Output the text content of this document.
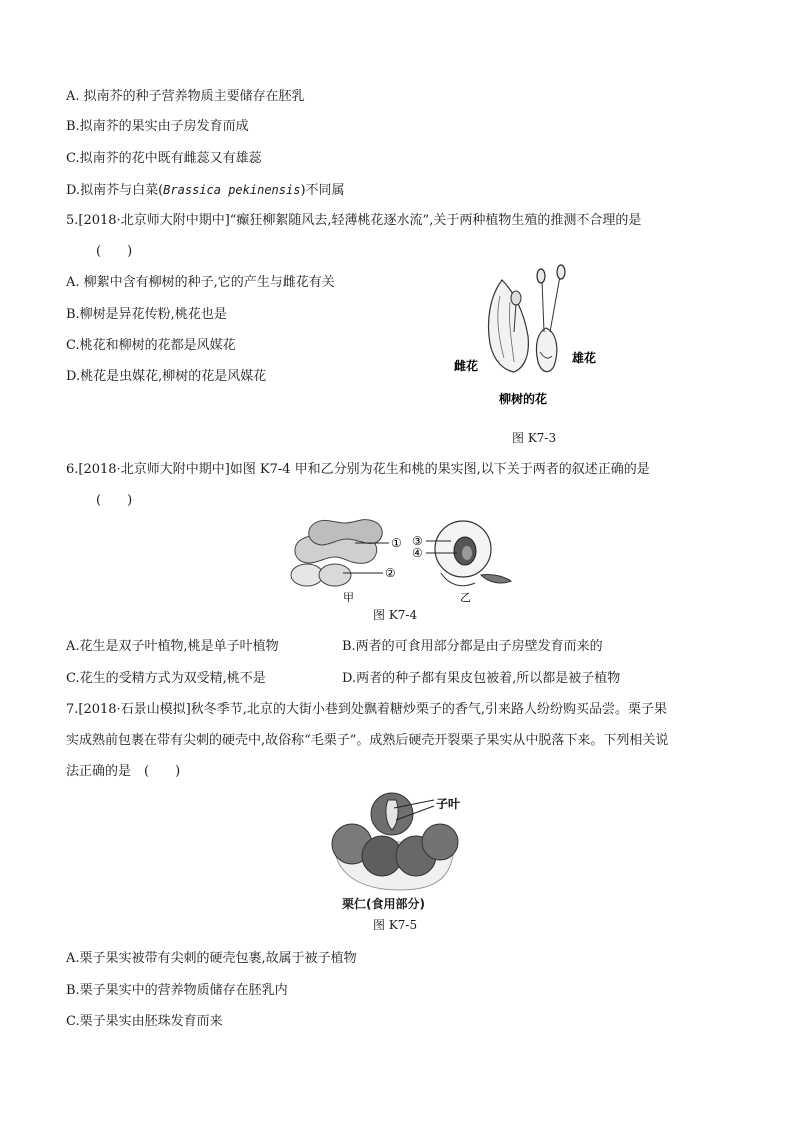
A. 拟南芥的种子营养物质主要储存在胚乳
B.拟南芥的果实由子房发育而成
C.拟南芥的花中既有雌蕊又有雄蕊
D.拟南芥与白菜(Brassica pekinensis)不同属
5.[2018·北京师大附中期中]“癫狂柳絮随风去,轻薄桃花逐水流”,关于两种植物生殖的推测不合理的是
(　　)
A. 柳絮中含有柳树的种子,它的产生与雌花有关
B.柳树是异花传粉,桃花也是
C.桃花和柳树的花都是风媒花
D.桃花是虫媒花,柳树的花是风媒花
雌花
雄花
柳树的花
图 K7-3
6.[2018·北京师大附中期中]如图 K7-4 甲和乙分别为花生和桃的果实图,以下关于两者的叙述正确的是
(　　)
①
②
③
④
甲	乙
图 K7-4
A.花生是双子叶植物,桃是单子叶植物	B.两者的可食用部分都是由子房壁发育而来的
C.花生的受精方式为双受精,桃不是	D.两者的种子都有果皮包被着,所以都是被子植物
7.[2018·石景山模拟]秋冬季节,北京的大街小巷到处飘着糖炒栗子的香气,引来路人纷纷购买品尝。栗子果
实成熟前包裹在带有尖刺的硬壳中,故俗称“毛栗子”。成熟后硬壳开裂栗子果实从中脱落下来。下列相关说
法正确的是　(　　)
子叶
栗仁(食用部分)
图 K7-5
A.栗子果实被带有尖刺的硬壳包裹,故属于被子植物
B.栗子果实中的营养物质储存在胚乳内
C.栗子果实由胚珠发育而来
